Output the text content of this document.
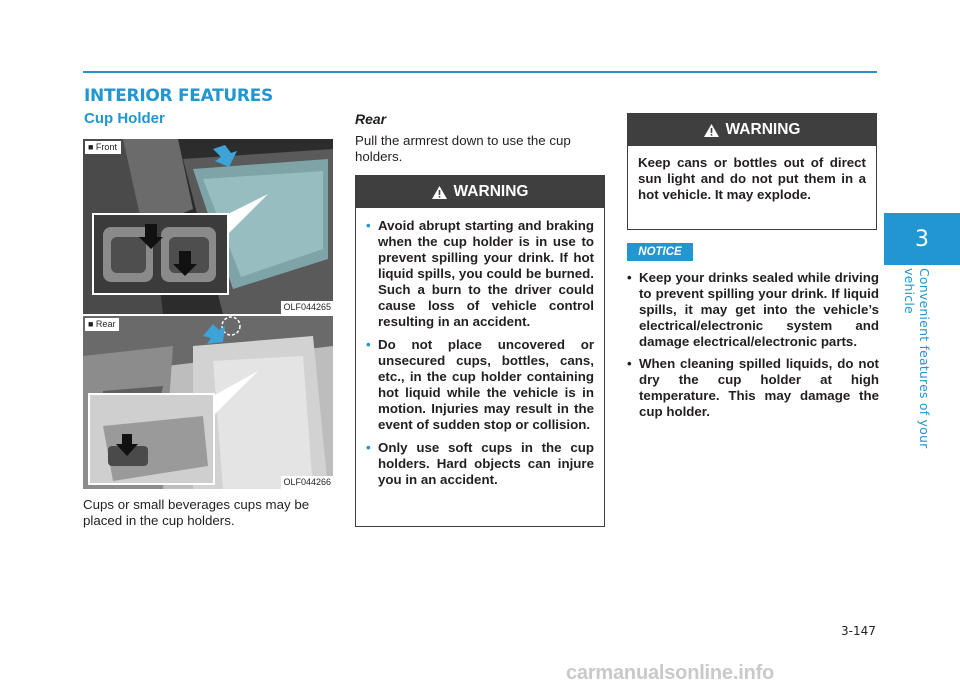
INTERIOR FEATURES
Cup Holder
■ Front
OLF044265
■ Rear
OLF044266

Cups or small beverages cups may be placed in the cup holders.

Rear

Pull the armrest down to use the cup holders.

WARNING
• Avoid abrupt starting and braking when the cup holder is in use to prevent spilling your drink. If hot liquid spills, you could be burned. Such a burn to the driver could cause loss of vehicle control resulting in an accident.
• Do not place uncovered or unsecured cups, bottles, cans, etc., in the cup holder containing hot liquid while the vehicle is in motion. Injuries may result in the event of sudden stop or collision.
• Only use soft cups in the cup holders. Hard objects can injure you in an accident.
WARNING

Keep cans or bottles out of direct sun light and do not put them in a hot vehicle. It may explode.

NOTICE
• Keep your drinks sealed while driving to prevent spilling your drink. If liquid spills, it may get into the vehicle’s electrical/electronic system and damage electrical/electronic parts.
• When cleaning spilled liquids, do not dry the cup holder at high temperature. This may damage the cup holder.
3
Convenient features of your vehicle

3-147

carmanualsonline.info
